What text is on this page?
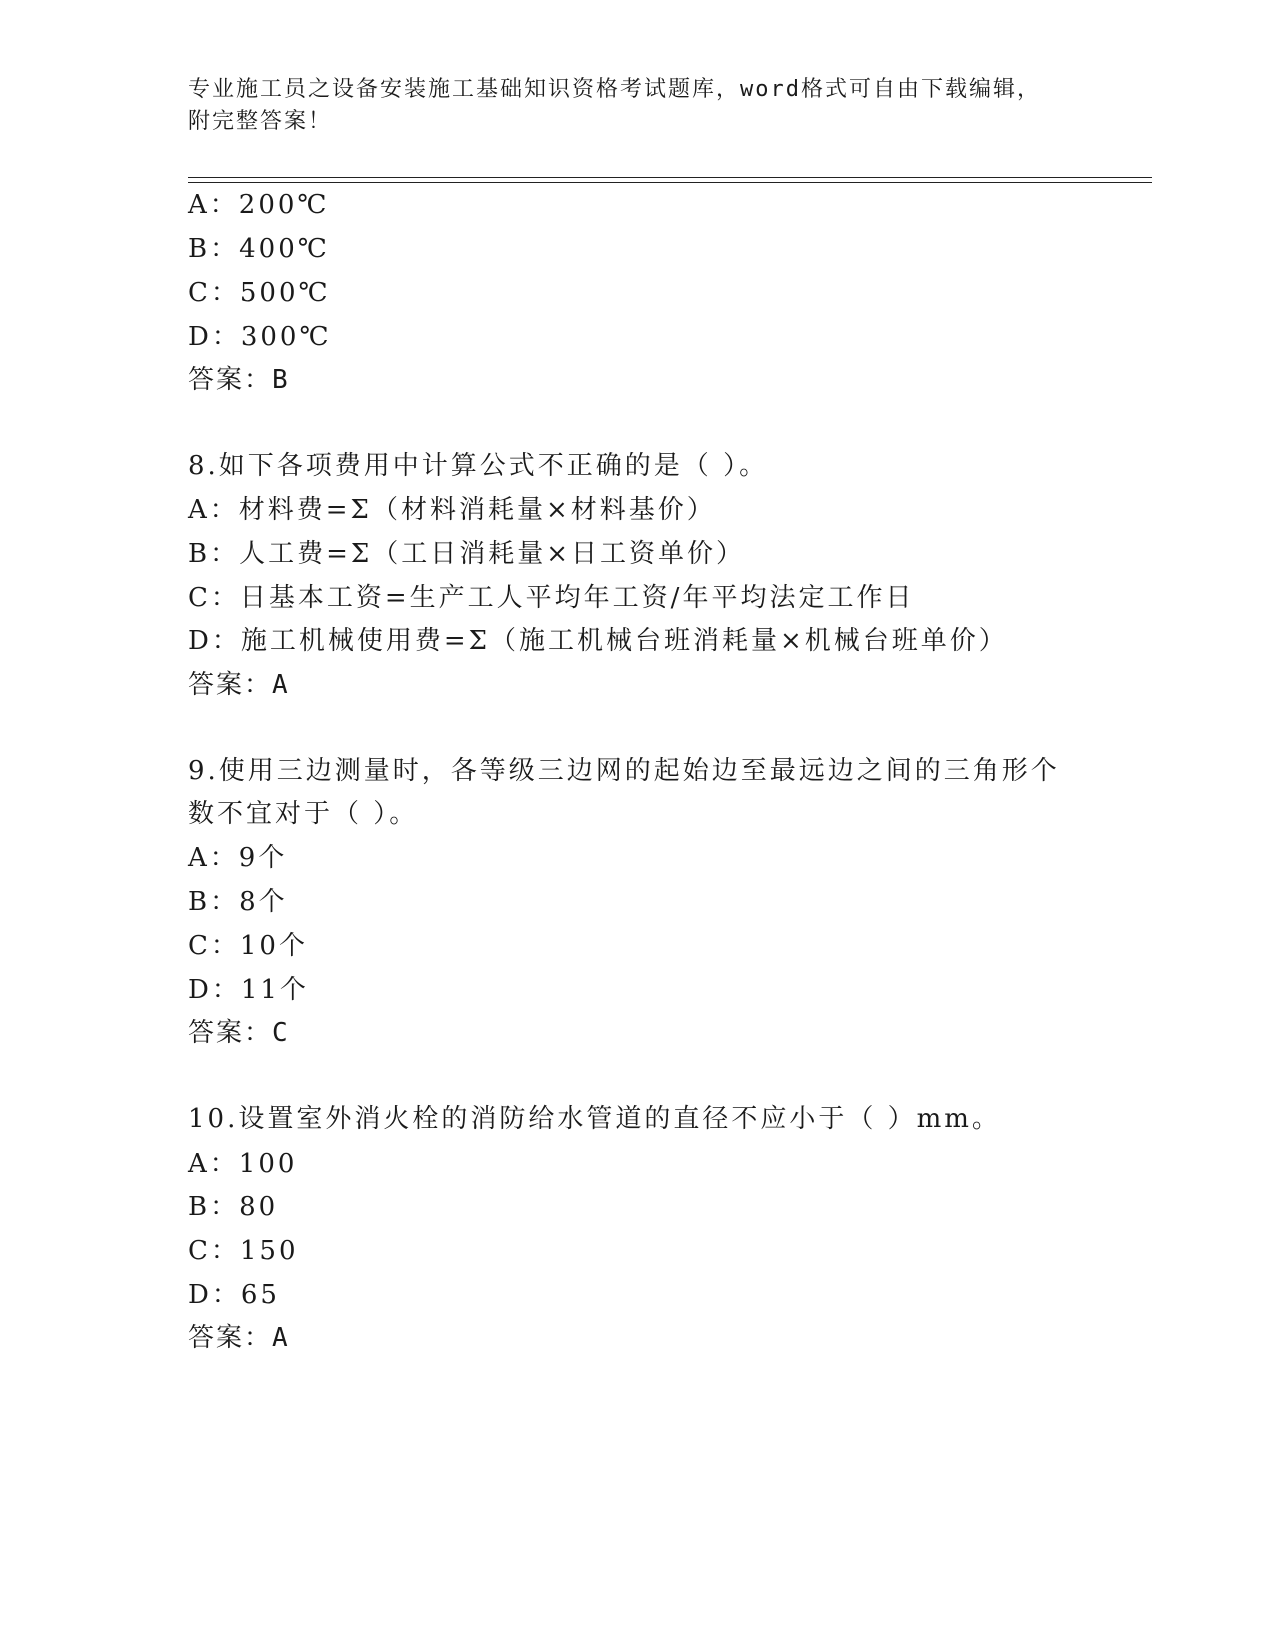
专业施工员之设备安装施工基础知识资格考试题库，word格式可自由下载编辑，
附完整答案！
A：200℃
B：400℃
C：500℃
D：300℃
答案：B
8.如下各项费用中计算公式不正确的是（ ）。
A：材料费=Σ（材料消耗量×材料基价）
B：人工费=Σ（工日消耗量×日工资单价）
C：日基本工资=生产工人平均年工资/年平均法定工作日
D：施工机械使用费=Σ（施工机械台班消耗量×机械台班单价）
答案：A
9.使用三边测量时，各等级三边网的起始边至最远边之间的三角形个
数不宜对于（ ）。
A：9个
B：8个
C：10个
D：11个
答案：C
10.设置室外消火栓的消防给水管道的直径不应小于（ ）mm。
A：100
B：80
C：150
D：65
答案：A
